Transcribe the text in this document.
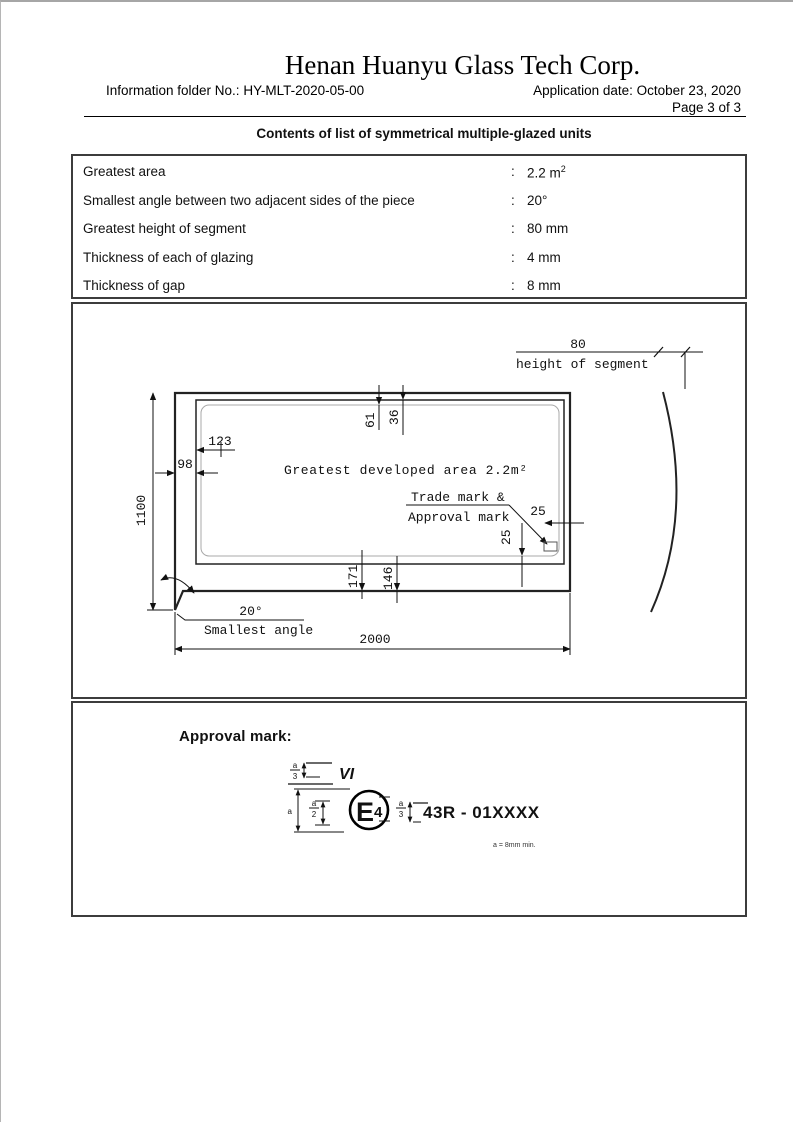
Henan Huanyu Glass Tech Corp.
Information folder No.: HY-MLT-2020-05-00	Application date: October 23, 2020
Page 3 of 3
Contents of list of symmetrical multiple-glazed units
Greatest area	: 2.2 $m^2$
Smallest angle between two adjacent sides of the piece	: 20°
Greatest height of segment	: 80 mm
Thickness of each of glazing	: 4 mm
Thickness of gap	: 8 mm
1100
98
123
61 36
Greatest developed area 2.2m²
Trade mark &
Approval mark 25
25
171 146
20°
Smallest angle
2000
80
height of segment
Approval mark:
a
3	VI
a
a
2 E 4
a
3 43R - 01XXXX
a = 8mm min.
